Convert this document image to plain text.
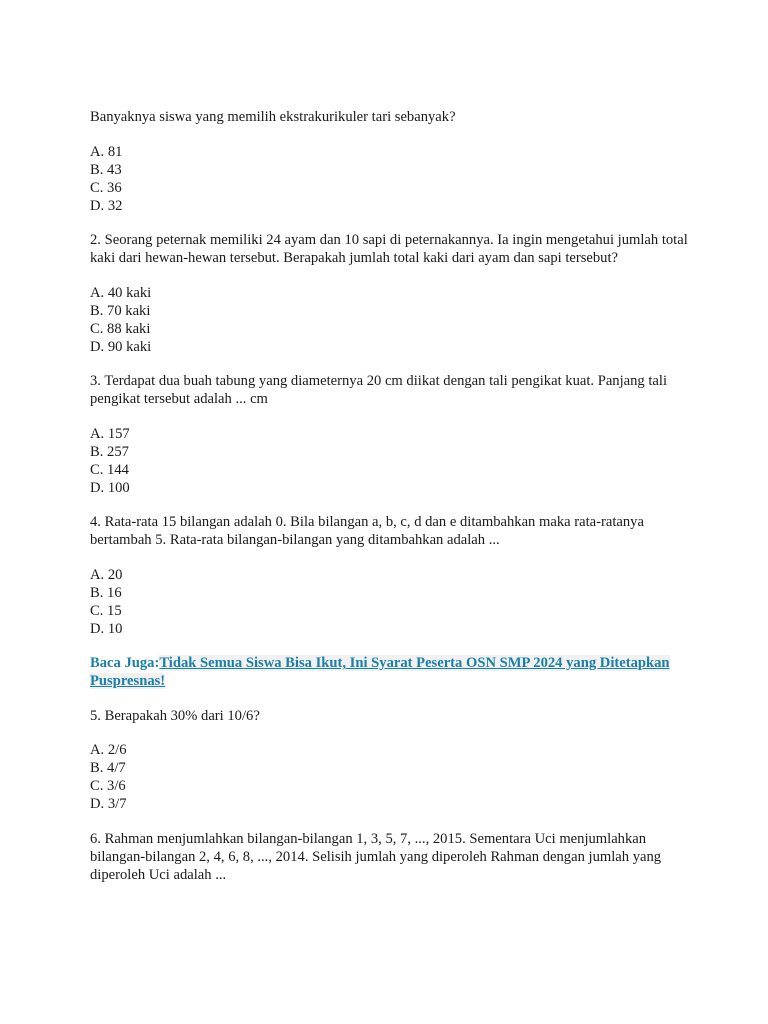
Banyaknya siswa yang memilih ekstrakurikuler tari sebanyak?

A. 81
B. 43
C. 36
D. 32

2. Seorang peternak memiliki 24 ayam dan 10 sapi di peternakannya. Ia ingin mengetahui jumlah total kaki dari hewan-hewan tersebut. Berapakah jumlah total kaki dari ayam dan sapi tersebut?

A. 40 kaki
B. 70 kaki
C. 88 kaki
D. 90 kaki

3. Terdapat dua buah tabung yang diameternya 20 cm diikat dengan tali pengikat kuat. Panjang tali pengikat tersebut adalah ... cm

A. 157
B. 257
C. 144
D. 100

4. Rata-rata 15 bilangan adalah 0. Bila bilangan a, b, c, d dan e ditambahkan maka rata-ratanya bertambah 5. Rata-rata bilangan-bilangan yang ditambahkan adalah ...

A. 20
B. 16
C. 15
D. 10
Baca Juga:Tidak Semua Siswa Bisa Ikut, Ini Syarat Peserta OSN SMP 2024 yang Ditetapkan Puspresnas!

5. Berapakah 30% dari 10/6?

A. 2/6
B. 4/7
C. 3/6
D. 3/7

6. Rahman menjumlahkan bilangan-bilangan 1, 3, 5, 7, ..., 2015. Sementara Uci menjumlahkan bilangan-bilangan 2, 4, 6, 8, ..., 2014. Selisih jumlah yang diperoleh Rahman dengan jumlah yang diperoleh Uci adalah ...
